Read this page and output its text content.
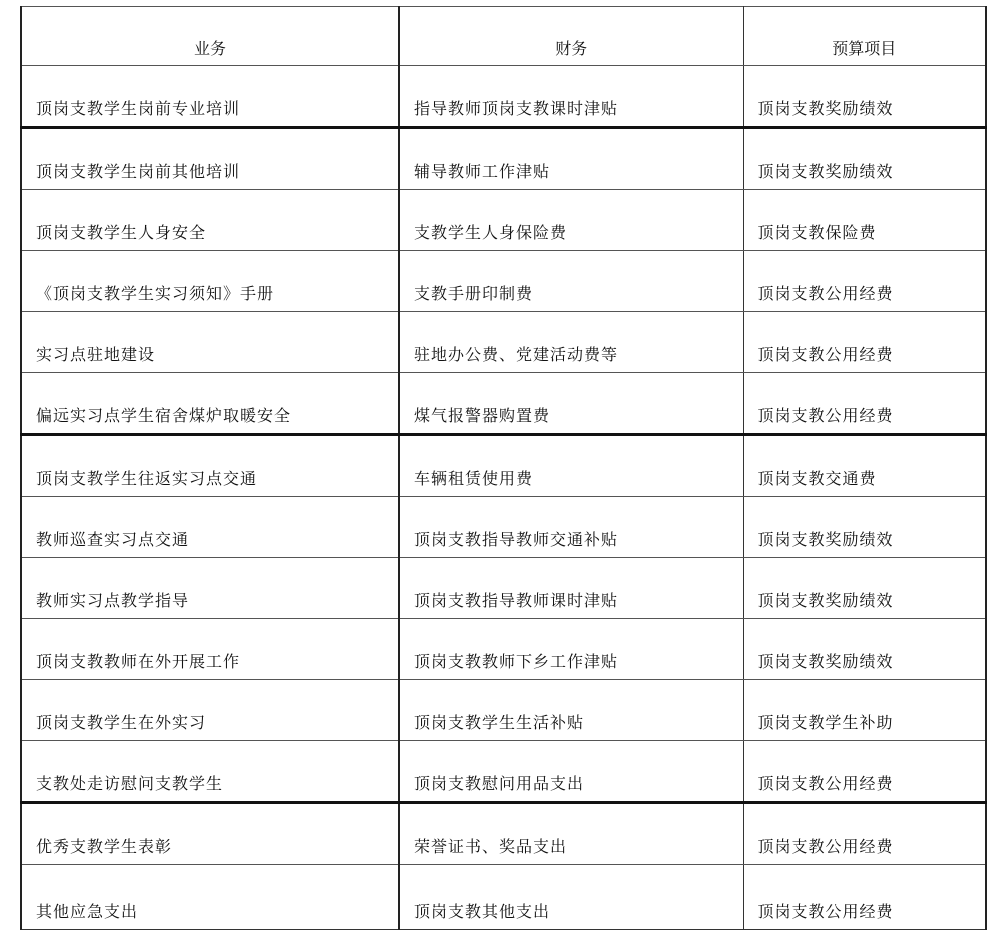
业务	财务	预算项目
顶岗支教学生岗前专业培训	指导教师顶岗支教课时津贴	顶岗支教奖励绩效
顶岗支教学生岗前其他培训	辅导教师工作津贴	顶岗支教奖励绩效
顶岗支教学生人身安全	支教学生人身保险费	顶岗支教保险费
《顶岗支教学生实习须知》手册	支教手册印制费	顶岗支教公用经费
实习点驻地建设	驻地办公费、党建活动费等	顶岗支教公用经费
偏远实习点学生宿舍煤炉取暖安全	煤气报警器购置费	顶岗支教公用经费
顶岗支教学生往返实习点交通	车辆租赁使用费	顶岗支教交通费
教师巡查实习点交通	顶岗支教指导教师交通补贴	顶岗支教奖励绩效
教师实习点教学指导	顶岗支教指导教师课时津贴	顶岗支教奖励绩效
顶岗支教教师在外开展工作	顶岗支教教师下乡工作津贴	顶岗支教奖励绩效
顶岗支教学生在外实习	顶岗支教学生生活补贴	顶岗支教学生补助
支教处走访慰问支教学生	顶岗支教慰问用品支出	顶岗支教公用经费
优秀支教学生表彰	荣誉证书、奖品支出	顶岗支教公用经费
其他应急支出	顶岗支教其他支出	顶岗支教公用经费
